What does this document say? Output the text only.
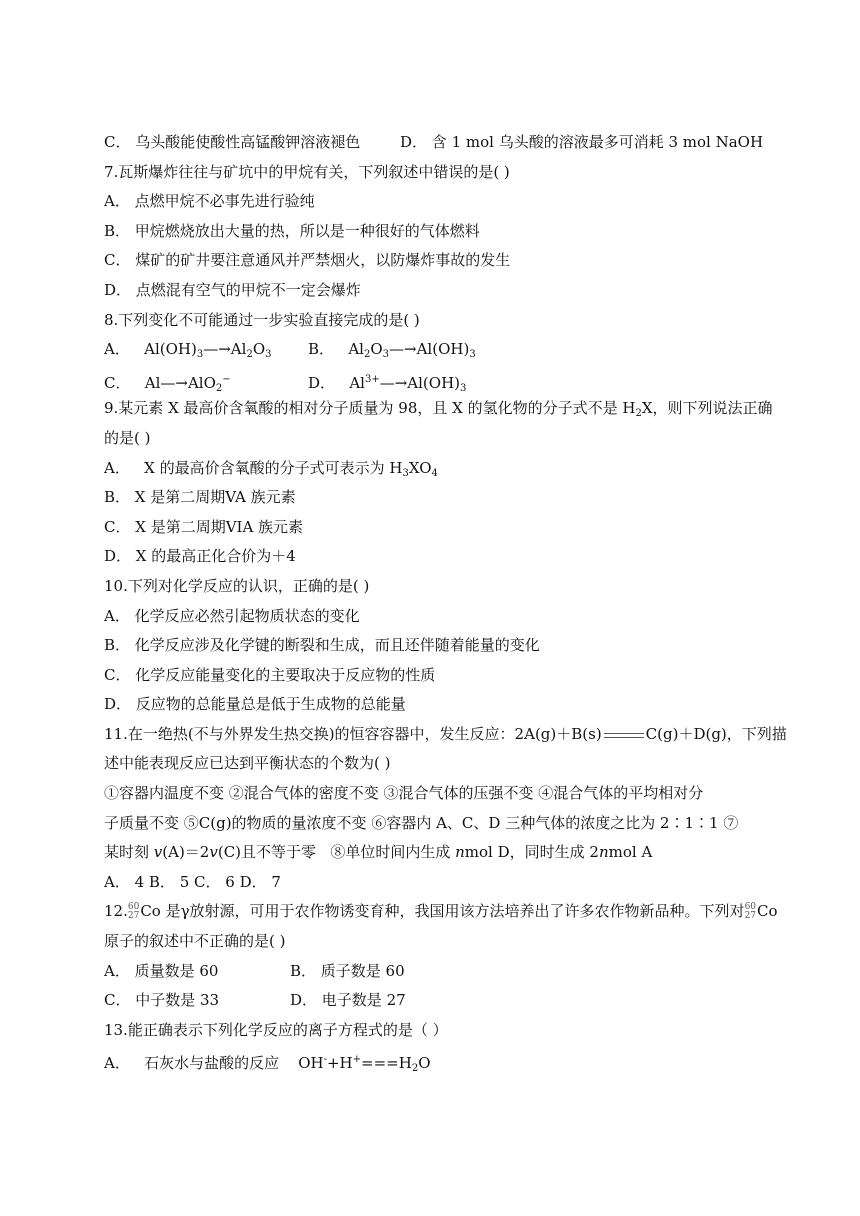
C． 乌头酸能使酸性高锰酸钾溶液褪色	D． 含 1 mol 乌头酸的溶液最多可消耗 3 mol NaOH
7.瓦斯爆炸往往与矿坑中的甲烷有关，下列叙述中错误的是( )
A． 点燃甲烷不必事先进行验纯
B． 甲烷燃烧放出大量的热，所以是一种很好的气体燃料
C． 煤矿的矿井要注意通风并严禁烟火，以防爆炸事故的发生
D． 点燃混有空气的甲烷不一定会爆炸
8.下列变化不可能通过一步实验直接完成的是( )
A．   $Al(OH)_3—\to Al_2O_3$ B．   $Al_2O_3—\to Al(OH)_3$
C．   Al—→AlO$_2$−	D．   $Al^{3+}—\to Al(OH)_3$
9.某元素 X 最高价含氧酸的相对分子质量为 98，且 X 的氢化物的分子式不是 $H_2X$，则下列说法正确
的是( )
A．   X 的最高价含氧酸的分子式可表示为 $H_3XO_4$
B． X 是第二周期VA 族元素
C． X 是第二周期VIA 族元素
D． X 的最高正化合价为＋4
10.下列对化学反应的认识，正确的是( )
A． 化学反应必然引起物质状态的变化
B． 化学反应涉及化学键的断裂和生成，而且还伴随着能量的变化
C． 化学反应能量变化的主要取决于反应物的性质
D． 反应物的总能量总是低于生成物的总能量
11.在一绝热(不与外界发生热交换)的恒容容器中，发生反应：2A(g)＋B(s)	C(g)＋D(g)，下列描
述中能表现反应已达到平衡状态的个数为( )
①容器内温度不变 ②混合气体的密度不变 ③混合气体的压强不变 ④混合气体的平均相对分
子质量不变 ⑤C(g)的物质的量浓度不变 ⑥容器内 A、C、D 三种气体的浓度之比为 2∶1∶1 ⑦
某时刻 v(A)＝2v(C)且不等于零   ⑧单位时间内生成 nmol D，同时生成 2nmol A
A． 4 B． 5 C． 6 D． 7
12. 60
27 Co 是γ放射源，可用于农作物诱变育种，我国用该方法培养出了许多农作物新品种。下列对 60
27 Co
原子的叙述中不正确的是( )
A． 质量数是 60	B． 质子数是 60
C． 中子数是 33	D． 电子数是 27
13.能正确表示下列化学反应的离子方程式的是（ ）
A．   石灰水与盐酸的反应    $OH^-+H^+===H_2O$
